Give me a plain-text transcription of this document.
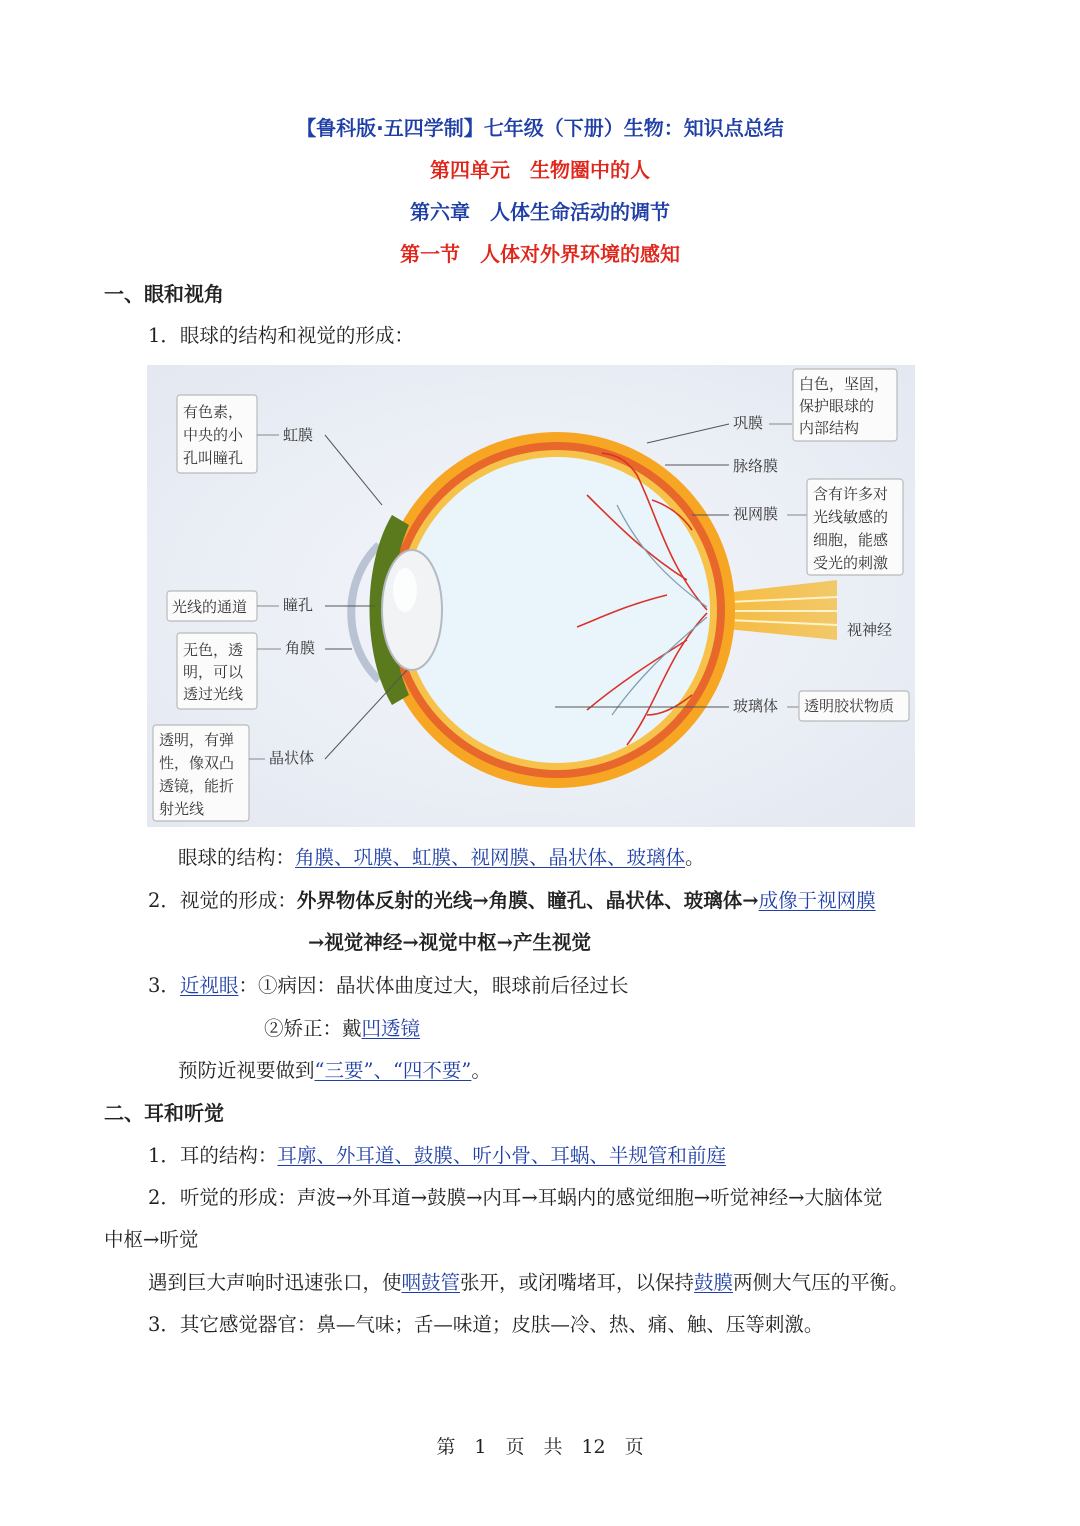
【鲁科版·五四学制】七年级（下册）生物：知识点总结
第四单元　生物圈中的人
第六章　人体生命活动的调节
第一节　人体对外界环境的感知
一、眼和视角
1．眼球的结构和视觉的形成：
有色素，
中央的小
孔叫瞳孔
虹膜
光线的通道 瞳孔
无色，透
明，可以
透过光线
角膜
透明，有弹
性，像双凸
透镜，能折
射光线
晶状体
巩膜
白色，坚固，
保护眼球的
内部结构
脉络膜
视网膜
含有许多对
光线敏感的
细胞，能感
受光的刺激
视神经
玻璃体 透明胶状物质
眼球的结构：角膜、巩膜、虹膜、视网膜、晶状体、玻璃体。
2．视觉的形成：外界物体反射的光线→角膜、瞳孔、晶状体、玻璃体→成像于视网膜
→视觉神经→视觉中枢→产生视觉
3．近视眼：①病因：晶状体曲度过大，眼球前后径过长
②矫正：戴凹透镜
预防近视要做到“三要”、“四不要”。
二、耳和听觉
1．耳的结构：耳廓、外耳道、鼓膜、听小骨、耳蜗、半规管和前庭
2．听觉的形成：声波→外耳道→鼓膜→内耳→耳蜗内的感觉细胞→听觉神经→大脑体觉
中枢→听觉
遇到巨大声响时迅速张口，使咽鼓管张开，或闭嘴堵耳，以保持鼓膜两侧大气压的平衡。
3．其它感觉器官：鼻—气味；舌—味道；皮肤—冷、热、痛、触、压等刺激。
第　1　页　共　12　页
